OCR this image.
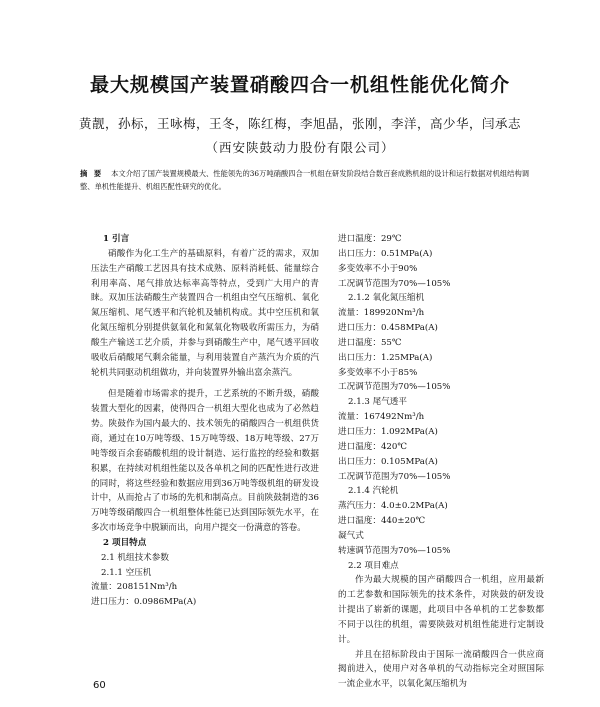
最大规模国产装置硝酸四合一机组性能优化简介
黄靓，孙标，王咏梅，王冬，陈红梅，李旭晶，张刚，李洋，高少华，闫承志
（西安陕鼓动力股份有限公司）
摘 要 本文介绍了国产装置规模最大、性能领先的36万吨硝酸四合一机组在研发阶段结合数百套成熟机组的设计和运行数据对机组结构调整、单机性能提升、机组匹配性研究的优化。
1 引言
硝酸作为化工生产的基础原料，有着广泛的需求，双加压法生产硝酸工艺因具有技术成熟、原料消耗低、能量综合利用率高、尾气排放达标率高等特点，受到广大用户的青睐。双加压法硝酸生产装置四合一机组由空气压缩机、氧化氮压缩机、尾气透平和汽轮机及辅机构成。其中空压机和氧化氮压缩机分别提供氨氧化和氮氧化物吸收所需压力，为硝酸生产输送工艺介质，并参与到硝酸生产中，尾气透平回收吸收后硝酸尾气剩余能量，与利用装置自产蒸汽为介质的汽轮机共同驱动机组做功，并向装置界外输出富余蒸汽。
但是随着市场需求的提升，工艺系统的不断升级，硝酸装置大型化的因素，使得四合一机组大型化也成为了必然趋势。陕鼓作为国内最大的、技术领先的硝酸四合一机组供货商，通过在10万吨等级、15万吨等级、18万吨等级、27万吨等级百余套硝酸机组的设计制造、运行监控的经验和数据积累，在持续对机组性能以及各单机之间的匹配性进行改进的同时，将这些经验和数据应用到36万吨等级机组的研发设计中，从而抢占了市场的先机和制高点。目前陕鼓制造的36万吨等级硝酸四合一机组整体性能已达到国际领先水平，在多次市场竞争中脱颖而出，向用户提交一份满意的答卷。
2 项目特点
2.1 机组技术参数
2.1.1 空压机
流量：208151Nm³/h
进口压力：0.0986MPa(A)
进口温度：29℃
出口压力：0.51MPa(A)
多变效率不小于90%
工况调节范围为70%—105%
2.1.2 氧化氮压缩机
流量：189920Nm³/h
进口压力：0.458MPa(A)
进口温度：55℃
出口压力：1.25MPa(A)
多变效率不小于85%
工况调节范围为70%—105%
2.1.3 尾气透平
流量：167492Nm³/h
进口压力：1.092MPa(A)
进口温度：420℃
出口压力：0.105MPa(A)
工况调节范围为70%—105%
2.1.4 汽轮机
蒸汽压力：4.0±0.2MPa(A)
进口温度：440±20℃
凝气式
转速调节范围为70%—105%
2.2 项目难点
作为最大规模的国产硝酸四合一机组，应用最新的工艺参数和国际领先的技术条件，对陕鼓的研发设计提出了崭新的课题，此项目中各单机的工艺参数都不同于以往的机组，需要陕鼓对机组性能进行定制设计。
并且在招标阶段由于国际一流硝酸四合一供应商揭前进入，使用户对各单机的气动指标完全对照国际一流企业水平，以氧化氮压缩机为
60
